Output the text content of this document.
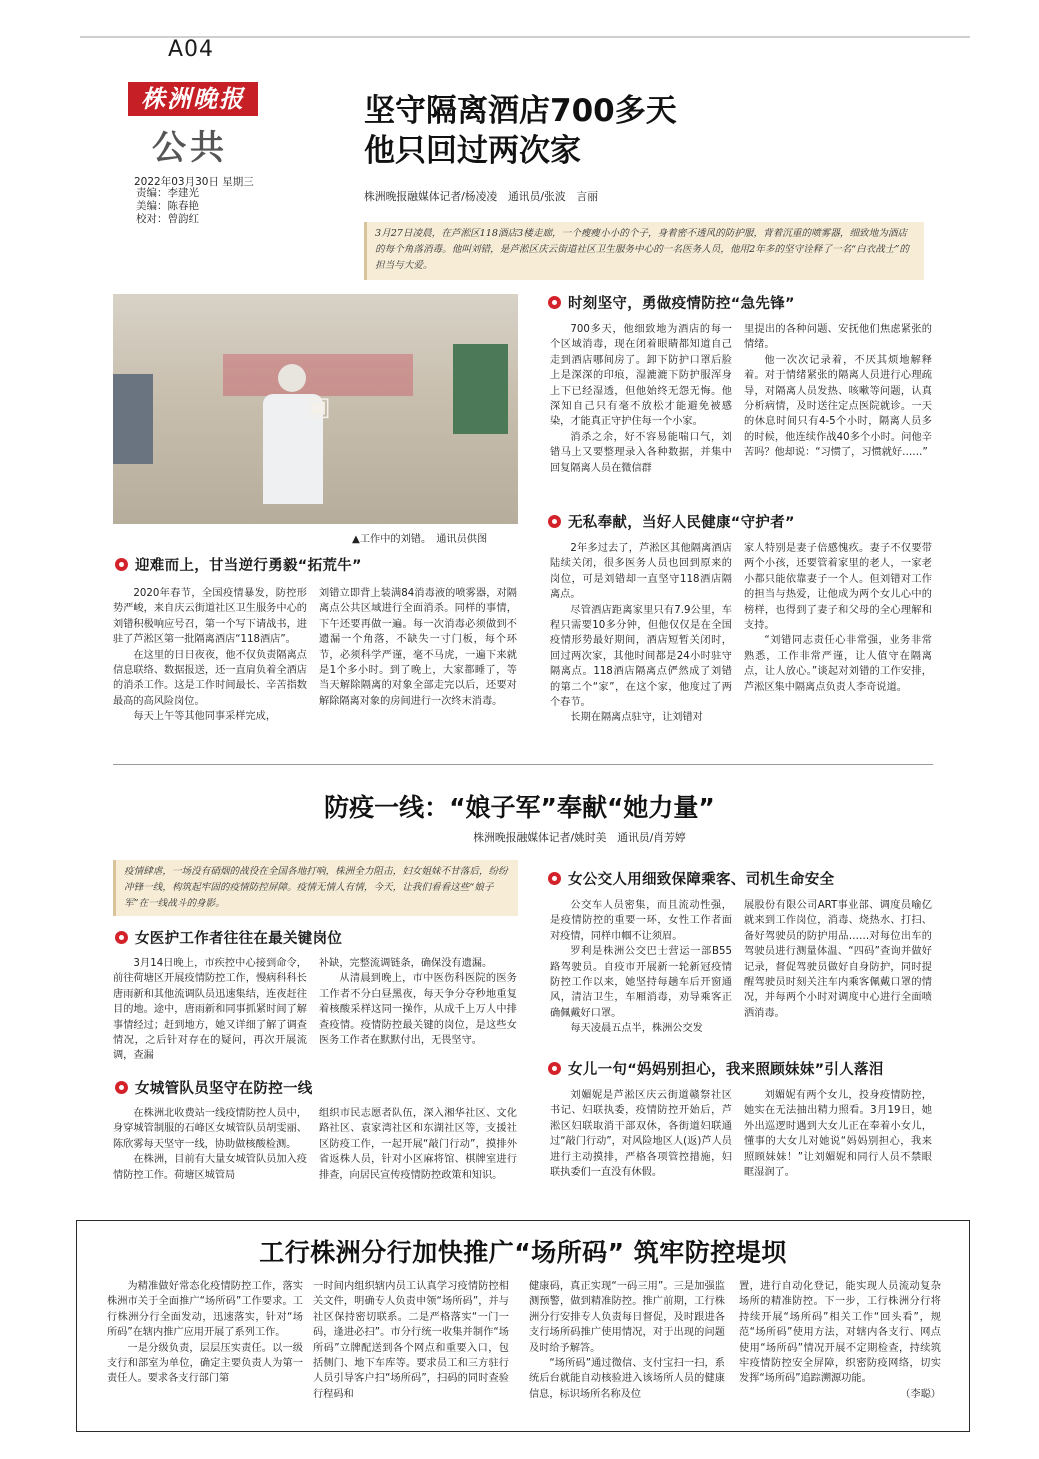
A04
株洲晚报
公共
2022年03月30日 星期三
责编：李建光
美编：陈春艳
校对：曾韵红
坚守隔离酒店700多天
他只回过两次家
株洲晚报融媒体记者/杨凌凌　通讯员/张波　言丽
3月27日凌晨，在芦淞区118酒店3楼走廊，一个瘦瘦小小的个子，身着密不透风的防护服，背着沉重的喷雾器，细致地为酒店的每个角落消毒。他叫刘错，是芦淞区庆云街道社区卫生服务中心的一名医务人员，他用2年多的坚守诠释了一名“白衣战士”的担当与大爱。
▣
▲工作中的刘错。　通讯员供图
迎难而上，甘当逆行勇毅“拓荒牛”

2020年春节，全国疫情暴发，防控形势严峻，来自庆云街道社区卫生服务中心的刘错积极响应号召，第一个写下请战书，进驻了芦淞区第一批隔离酒店“118酒店”。

在这里的日日夜夜，他不仅负责隔离点信息联络、数据报送，还一直肩负着全酒店的消杀工作。这是工作时间最长、辛苦指数最高的高风险岗位。

每天上午等其他同事采样完成，

刘错立即背上装满84消毒液的喷雾器，对隔离点公共区域进行全面消杀。同样的事情，下午还要再做一遍。每一次消毒必须做到不遗漏一个角落，不缺失一寸门板，每个环节，必须科学严谨，毫不马虎，一遍下来就是1个多小时。到了晚上，大家都睡了，等当天解除隔离的对象全部走完以后，还要对解除隔离对象的房间进行一次终末消毒。

时刻坚守，勇做疫情防控“急先锋”

700多天，他细致地为酒店的每一个区域消毒，现在闭着眼睛都知道自己走到酒店哪间房了。卸下防护口罩后脸上是深深的印痕，湿漉漉下防护服浑身上下已经湿透，但他始终无怨无悔。他深知自己只有毫不放松才能避免被感染，才能真正守护住每一个小家。

消杀之余，好不容易能喘口气，刘错马上又要整理录入各种数据，并集中回复隔离人员在微信群

里提出的各种问题、安抚他们焦虑紧张的情绪。

他一次次记录着，不厌其烦地解释着。对于情绪紧张的隔离人员进行心理疏导，对隔离人员发热、咳嗽等问题，认真分析病情，及时送往定点医院就诊。一天的休息时间只有4-5个小时，隔离人员多的时候，他连续作战40多个小时。问他辛苦吗？他却说：“习惯了，习惯就好……”

无私奉献，当好人民健康“守护者”

2年多过去了，芦淞区其他隔离酒店陆续关闭，很多医务人员也回到原来的岗位，可是刘错却一直坚守118酒店隔离点。

尽管酒店距离家里只有7.9公里，车程只需要10多分钟，但他仅仅是在全国疫情形势最好期间，酒店短暂关闭时，回过两次家，其他时间都是24小时驻守隔离点。118酒店隔离点俨然成了刘错的第二个“家”，在这个家，他度过了两个春节。

长期在隔离点驻守，让刘错对

家人特别是妻子倍感愧疚。妻子不仅要带两个小孩，还要管着家里的老人，一家老小都只能依靠妻子一个人。但刘错对工作的担当与热爱，让他成为两个女儿心中的榜样，也得到了妻子和父母的全心理解和支持。

“刘错同志责任心非常强，业务非常熟悉，工作非常严谨，让人值守在隔离点，让人放心。”谈起对刘错的工作安排，芦淞区集中隔离点负责人李奇说道。

防疫一线：“娘子军”奉献“她力量”
株洲晚报融媒体记者/姚时美　通讯员/肖芳婷
疫情肆虐，一场没有硝烟的战役在全国各地打响，株洲全力阻击，妇女姐妹不甘落后，纷纷冲锋一线，构筑起牢固的疫情防控屏障。疫情无情人有情，今天，让我们看看这些“娘子军”在一线战斗的身影。
女医护工作者往往在最关键岗位

3月14日晚上，市疾控中心接到命令，前往荷塘区开展疫情防控工作，慢病科科长唐雨新和其他流调队员迅速集结，连夜赶往目的地。途中，唐雨新和同事抓紧时间了解事情经过；赶到地方，她又详细了解了调查情况，之后针对存在的疑问，再次开展流调，查漏

补缺，完整流调链条，确保没有遗漏。

从清晨到晚上，市中医伤科医院的医务工作者不分白昼黑夜，每天争分夺秒地重复着核酸采样这同一操作，从成千上万人中排查疫情。疫情防控最关键的岗位，是这些女医务工作者在默默付出，无畏坚守。

女城管队员坚守在防控一线

在株洲北收费站一线疫情防控人员中，身穿城管制服的石峰区女城管队员胡雯丽、陈欣雾每天坚守一线，协助做核酸检测。

在株洲，目前有大量女城管队员加入疫情防控工作。荷塘区城管局

组织市民志愿者队伍，深入湘华社区、文化路社区、袁家湾社区和东湖社区等，支援社区防疫工作，一起开展“敲门行动”，摸排外省返株人员，针对小区麻将馆、棋牌室进行排查，向居民宣传疫情防控政策和知识。

女公交人用细致保障乘客、司机生命安全

公交车人员密集，而且流动性强，是疫情防控的重要一环，女性工作者面对疫情，同样巾帼不让须眉。

罗利是株洲公交巴士营运一部B55路驾驶员。自疫市开展新一轮新冠疫情防控工作以来，她坚持每趟车后开窗通风，清洁卫生，车厢消毒，劝导乘客正确佩戴好口罩。

每天凌晨五点半，株洲公交发

展股份有限公司ART事业部、调度员喻亿就来到工作岗位，消毒、烧热水、打扫、备好驾驶员的防护用品……对每位出车的驾驶员进行测量体温、“四码”查询并做好记录，督促驾驶员做好自身防护，同时提醒驾驶员时刻关注车内乘客佩戴口罩的情况，并每两个小时对调度中心进行全面喷洒消毒。

女儿一句“妈妈别担心，我来照顾妹妹”引人落泪

刘媚妮是芦淞区庆云街道赣祭社区书记、妇联执委，疫情防控开始后，芦淞区妇联取消干部双休，各街道妇联通过“敲门行动”，对风险地区人(返)芦人员进行主动摸排，严格各项管控措施，妇联执委们一直没有休假。

刘媚妮有两个女儿，投身疫情防控，她实在无法抽出精力照看。3月19日，她外出巡逻时遇到大女儿正在奉着小女儿，懂事的大女儿对她说“妈妈别担心，我来照顾妹妹！”让刘媚妮和同行人员不禁眼眶湿润了。

工行株洲分行加快推广“场所码” 筑牢防控堤坝

为精准做好常态化疫情防控工作，落实株洲市关于全面推广“场所码”工作要求。工行株洲分行全面发动，迅速落实，针对“场所码”在辖内推广应用开展了系列工作。

一是分级负责，层层压实责任。以一级支行和部室为单位，确定主要负责人为第一责任人。要求各支行部门第

一时间内组织辖内员工认真学习疫情防控相关文件，明确专人负责申领“场所码”，并与社区保持密切联系。二是严格落实“一门一码，逢进必扫”。市分行统一收集并制作“场所码”立牌配送到各个网点和重要入口，包括侧门、地下车库等。要求员工和三方驻行人员引导客户扫“场所码”，扫码的同时查验行程码和

健康码，真正实现“一码三用”。三是加强监测预警，做到精准防控。推广前期，工行株洲分行安排专人负责每日督促，及时跟进各支行场所码推广使用情况，对于出现的问题及时给予解答。

“场所码”通过微信、支付宝扫一扫，系统后台就能自动核验进入该场所人员的健康信息，标识场所名称及位

置，进行自动化登记，能实现人员流动复杂场所的精准防控。下一步，工行株洲分行将持续开展“场所码”相关工作“回头看”，规范“场所码”使用方法，对辖内各支行、网点使用“场所码”情况开展不定期检查，持续筑牢疫情防控安全屏障，织密防疫网络，切实发挥“场所码”追踪溯源功能。

（李聪）
